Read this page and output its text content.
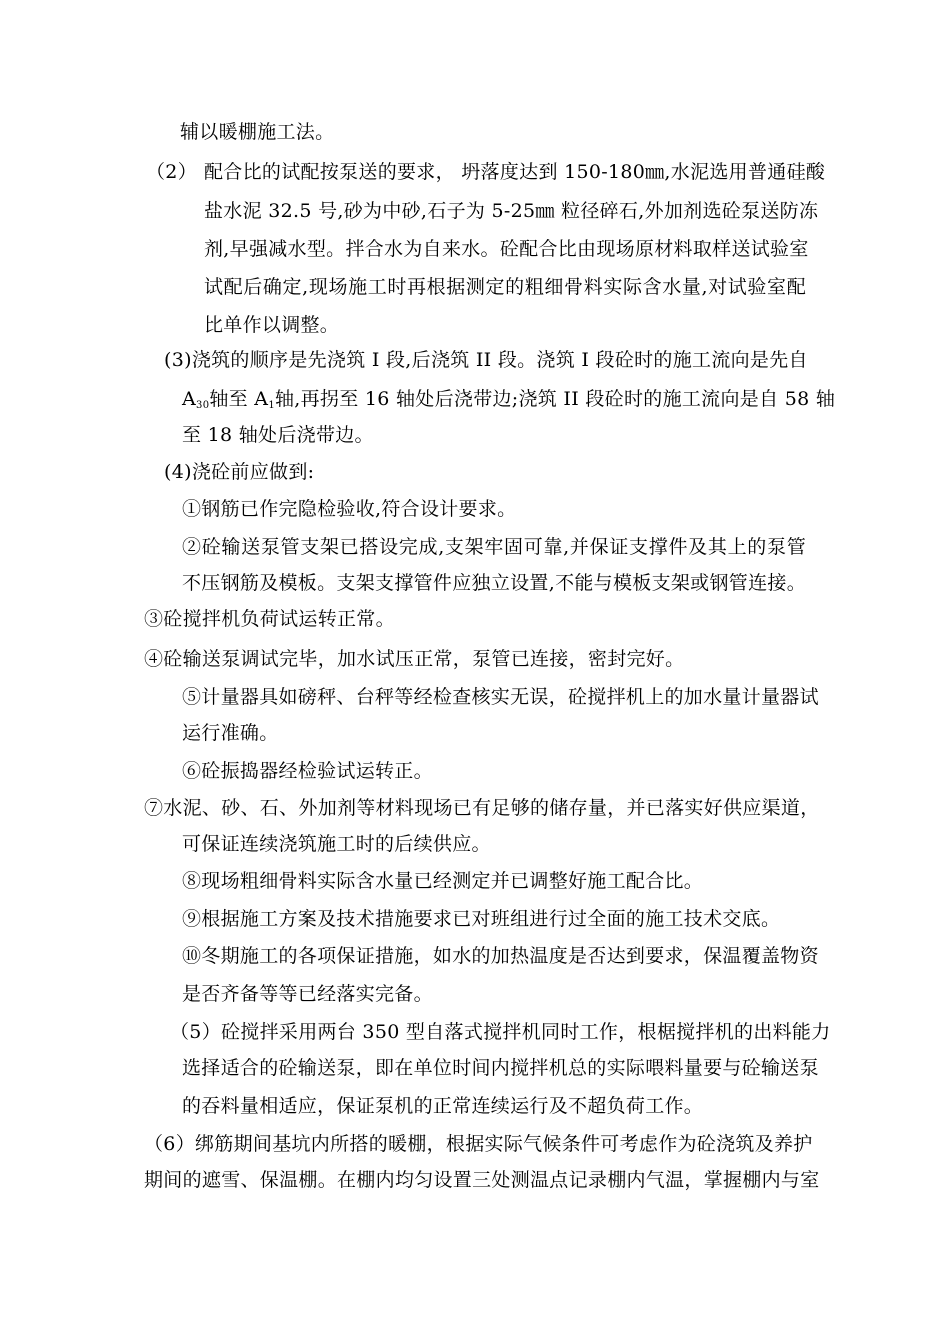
辅以暖棚施工法。
（2） 配合比的试配按泵送的要求， 坍落度达到 150-180㎜,水泥选用普通硅酸
盐水泥 32.5 号,砂为中砂,石子为 5-25㎜ 粒径碎石,外加剂选砼泵送防冻
剂,早强减水型。拌合水为自来水。砼配合比由现场原材料取样送试验室
试配后确定,现场施工时再根据测定的粗细骨料实际含水量,对试验室配
比单作以调整。
(3)浇筑的顺序是先浇筑 I 段,后浇筑 II 段。浇筑 I 段砼时的施工流向是先自
$A_{30}$轴至 $A_1$轴,再拐至 16 轴处后浇带边;浇筑 II 段砼时的施工流向是自 58 轴
至 18 轴处后浇带边。
(4)浇砼前应做到:
①钢筋已作完隐检验收,符合设计要求。
②砼输送泵管支架已搭设完成,支架牢固可靠,并保证支撑件及其上的泵管
不压钢筋及模板。支架支撑管件应独立设置,不能与模板支架或钢管连接。
③砼搅拌机负荷试运转正常。
④砼输送泵调试完毕，加水试压正常，泵管已连接，密封完好。
⑤计量器具如磅秤、台秤等经检查核实无误，砼搅拌机上的加水量计量器试
运行准确。
⑥砼振捣器经检验试运转正。
⑦水泥、砂、石、外加剂等材料现场已有足够的储存量，并已落实好供应渠道，
可保证连续浇筑施工时的后续供应。
⑧现场粗细骨料实际含水量已经测定并已调整好施工配合比。
⑨根据施工方案及技术措施要求已对班组进行过全面的施工技术交底。
⑩冬期施工的各项保证措施，如水的加热温度是否达到要求，保温覆盖物资
是否齐备等等已经落实完备。
（5）砼搅拌采用两台 350 型自落式搅拌机同时工作，根椐搅拌机的出料能力
选择适合的砼输送泵，即在单位时间内搅拌机总的实际喂料量要与砼输送泵
的吞料量相适应，保证泵机的正常连续运行及不超负荷工作。
（6）绑筋期间基坑内所搭的暖棚，根据实际气候条件可考虑作为砼浇筑及养护
期间的遮雪、保温棚。在棚内均匀设置三处测温点记录棚内气温，掌握棚内与室
